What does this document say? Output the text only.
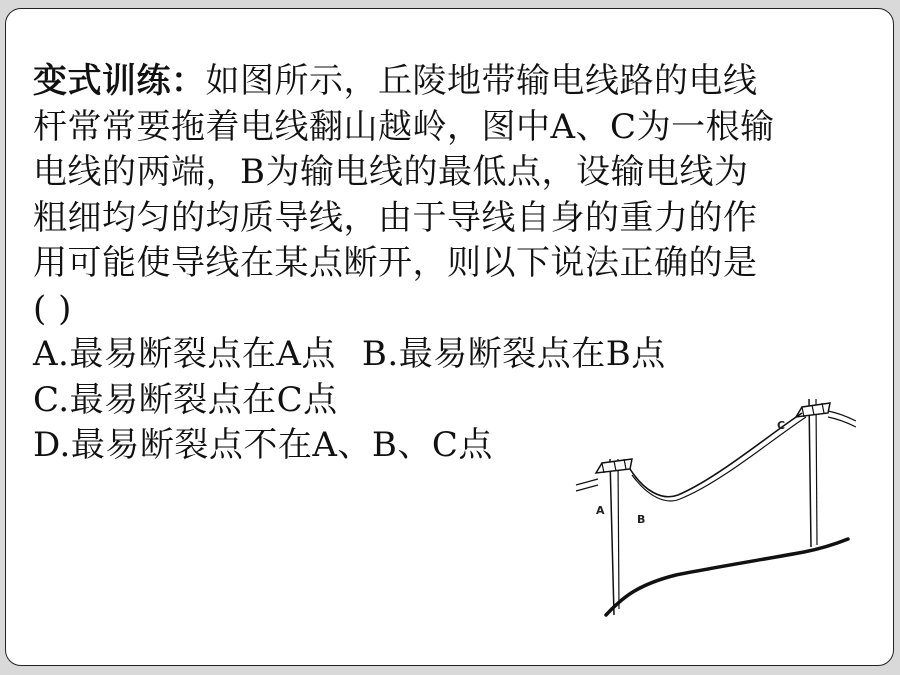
变式训练：如图所示，丘陵地带输电线路的电线
杆常常要拖着电线翻山越岭，图中A、C为一根输
电线的两端，B为输电线的最低点，设输电线为
粗细均匀的均质导线，由于导线自身的重力的作
用可能使导线在某点断开，则以下说法正确的是
( )
A.最易断裂点在A点 B.最易断裂点在B点
C.最易断裂点在C点
D.最易断裂点不在A、B、C点
A
B
C
